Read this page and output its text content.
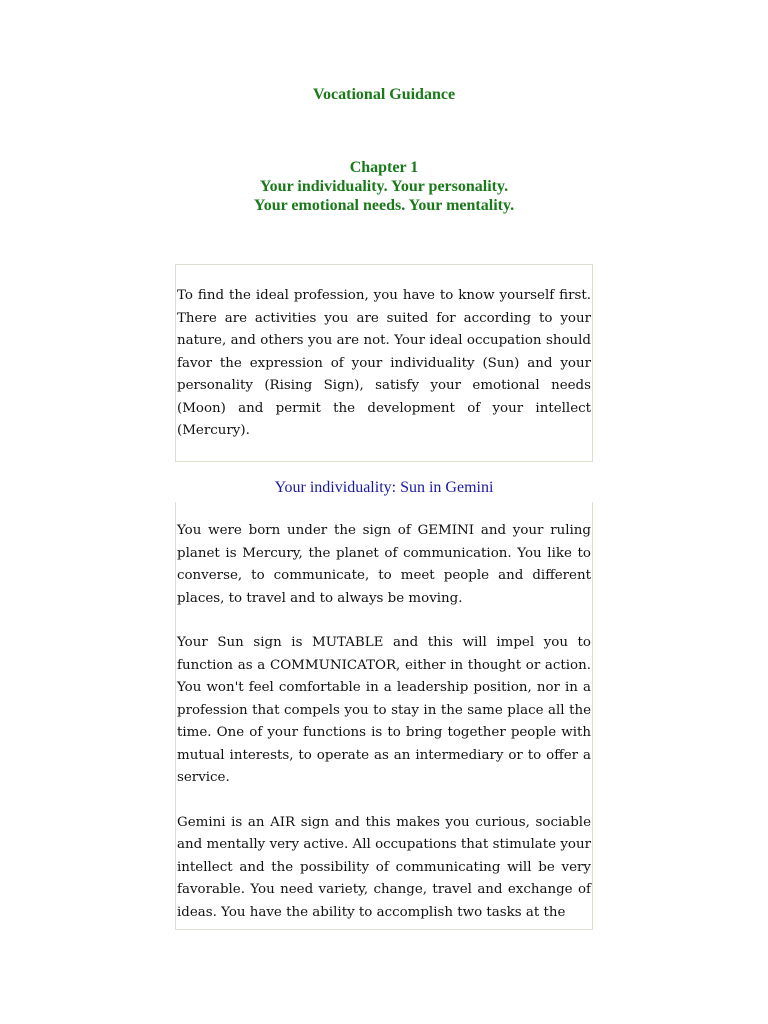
Vocational Guidance
Chapter 1
Your individuality. Your personality.
Your emotional needs. Your mentality.

To find the ideal profession, you have to know yourself first. There are activities you are suited for according to your nature, and others you are not. Your ideal occupation should favor the expression of your individuality (Sun) and your personality (Rising Sign), satisfy your emotional needs (Moon) and permit the development of your intellect (Mercury).

Your individuality: Sun in Gemini

You were born under the sign of GEMINI and your ruling planet is Mercury, the planet of communication. You like to converse, to communicate, to meet people and different places, to travel and to always be moving.

Your Sun sign is MUTABLE and this will impel you to function as a COMMUNICATOR, either in thought or action. You won't feel comfortable in a leadership position, nor in a profession that compels you to stay in the same place all the time. One of your functions is to bring together people with mutual interests, to operate as an intermediary or to offer a service.

Gemini is an AIR sign and this makes you curious, sociable and mentally very active. All occupations that stimulate your intellect and the possibility of communicating will be very favorable. You need variety, change, travel and exchange of ideas. You have the ability to accomplish two tasks at the
